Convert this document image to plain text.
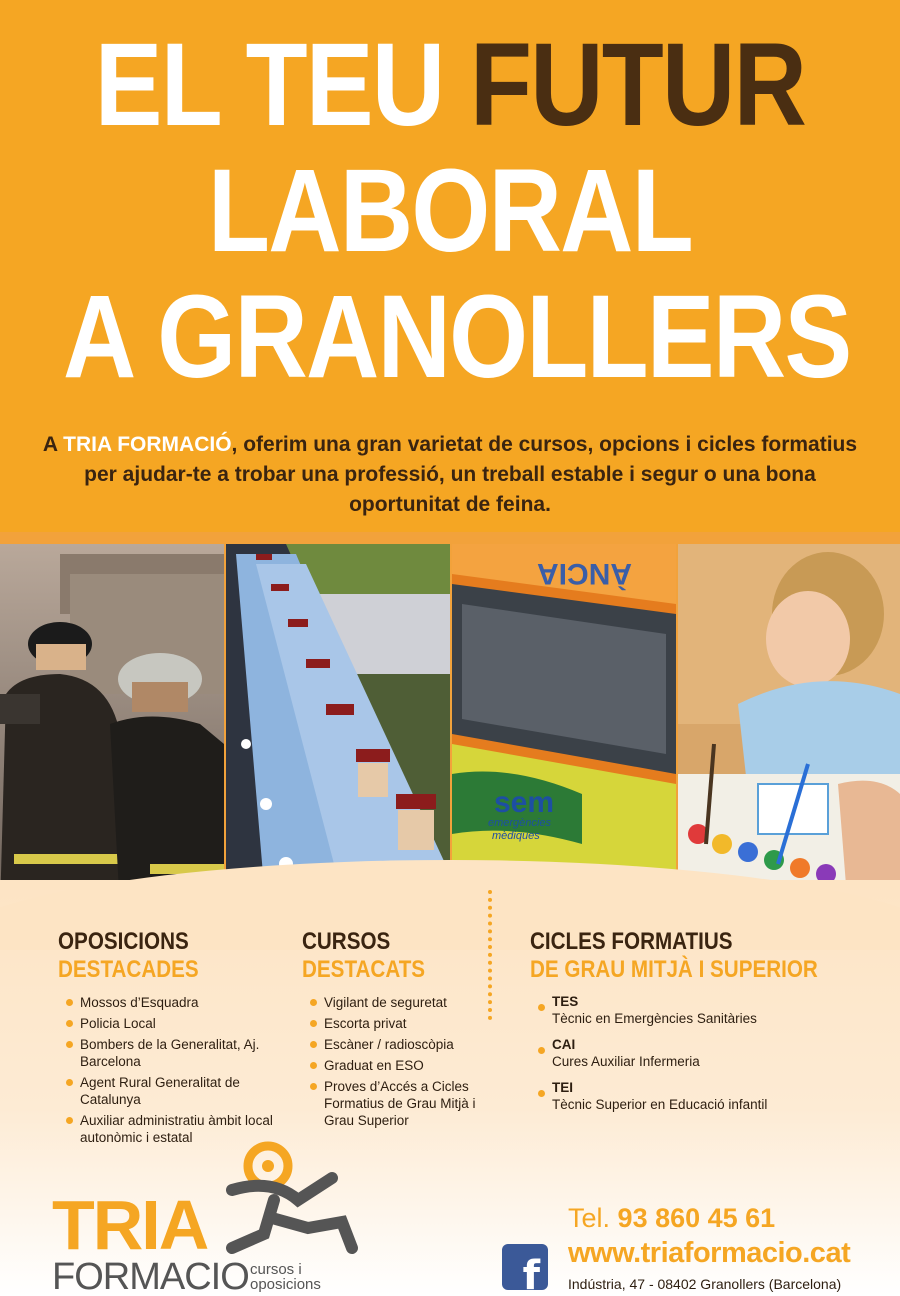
EL TEU FUTUR
LABORAL
A GRANOLLERS
A TRIA FORMACIÓ, oferim una gran varietat de cursos, opcions i cicles formatius per ajudar-te a trobar una professió, un treball estable i segur o una bona oportunitat de feina.
ÀNCIA
sem
emergències
mèdiques
OPOSICIONS
DESTACADES
Mossos d’Esquadra
Policia Local
Bombers de la Generalitat, Aj. Barcelona
Agent Rural Generalitat de Catalunya
Auxiliar administratiu àmbit local autonòmic i estatal
CURSOS
DESTACATS
Vigilant de seguretat
Escorta privat
Escàner / radioscòpia
Graduat en ESO
Proves d’Accés a Cicles Formatius de Grau Mitjà i Grau Superior
CICLES FORMATIUS
DE GRAU MITJÀ I SUPERIOR
TES
Tècnic en Emergències Sanitàries
CAI
Cures Auxiliar Infermeria
TEI
Tècnic Superior en Educació infantil
TRIA
FORMACIO cursos i
oposicions	f
Tel. 93 860 45 61
www.triaformacio.cat
Indústria, 47 - 08402 Granollers (Barcelona)
